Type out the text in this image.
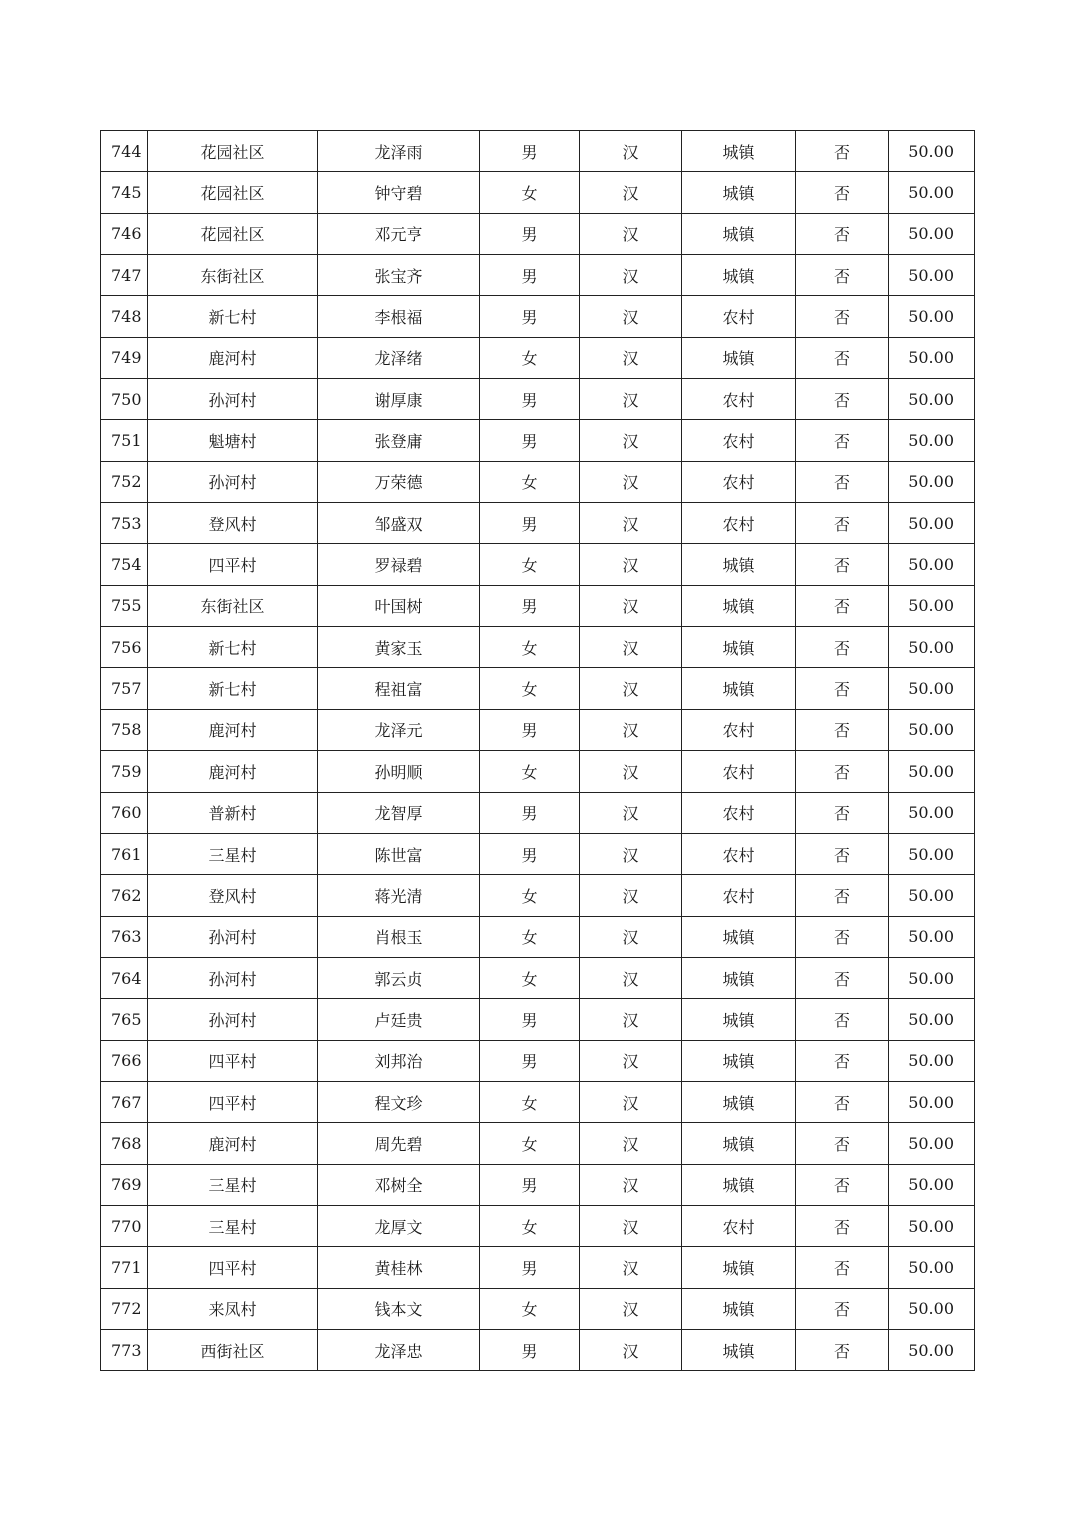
744	花园社区	龙泽雨	男	汉	城镇	否	50.00
745	花园社区	钟守碧	女	汉	城镇	否	50.00
746	花园社区	邓元亨	男	汉	城镇	否	50.00
747	东街社区	张宝齐	男	汉	城镇	否	50.00
748	新七村	李根福	男	汉	农村	否	50.00
749	鹿河村	龙泽绪	女	汉	城镇	否	50.00
750	孙河村	谢厚康	男	汉	农村	否	50.00
751	魁塘村	张登庸	男	汉	农村	否	50.00
752	孙河村	万荣德	女	汉	农村	否	50.00
753	登风村	邹盛双	男	汉	农村	否	50.00
754	四平村	罗禄碧	女	汉	城镇	否	50.00
755	东街社区	叶国树	男	汉	城镇	否	50.00
756	新七村	黄家玉	女	汉	城镇	否	50.00
757	新七村	程祖富	女	汉	城镇	否	50.00
758	鹿河村	龙泽元	男	汉	农村	否	50.00
759	鹿河村	孙明顺	女	汉	农村	否	50.00
760	普新村	龙智厚	男	汉	农村	否	50.00
761	三星村	陈世富	男	汉	农村	否	50.00
762	登风村	蒋光清	女	汉	农村	否	50.00
763	孙河村	肖根玉	女	汉	城镇	否	50.00
764	孙河村	郭云贞	女	汉	城镇	否	50.00
765	孙河村	卢廷贵	男	汉	城镇	否	50.00
766	四平村	刘邦治	男	汉	城镇	否	50.00
767	四平村	程文珍	女	汉	城镇	否	50.00
768	鹿河村	周先碧	女	汉	城镇	否	50.00
769	三星村	邓树全	男	汉	城镇	否	50.00
770	三星村	龙厚文	女	汉	农村	否	50.00
771	四平村	黄桂林	男	汉	城镇	否	50.00
772	来凤村	钱本文	女	汉	城镇	否	50.00
773	西街社区	龙泽忠	男	汉	城镇	否	50.00
